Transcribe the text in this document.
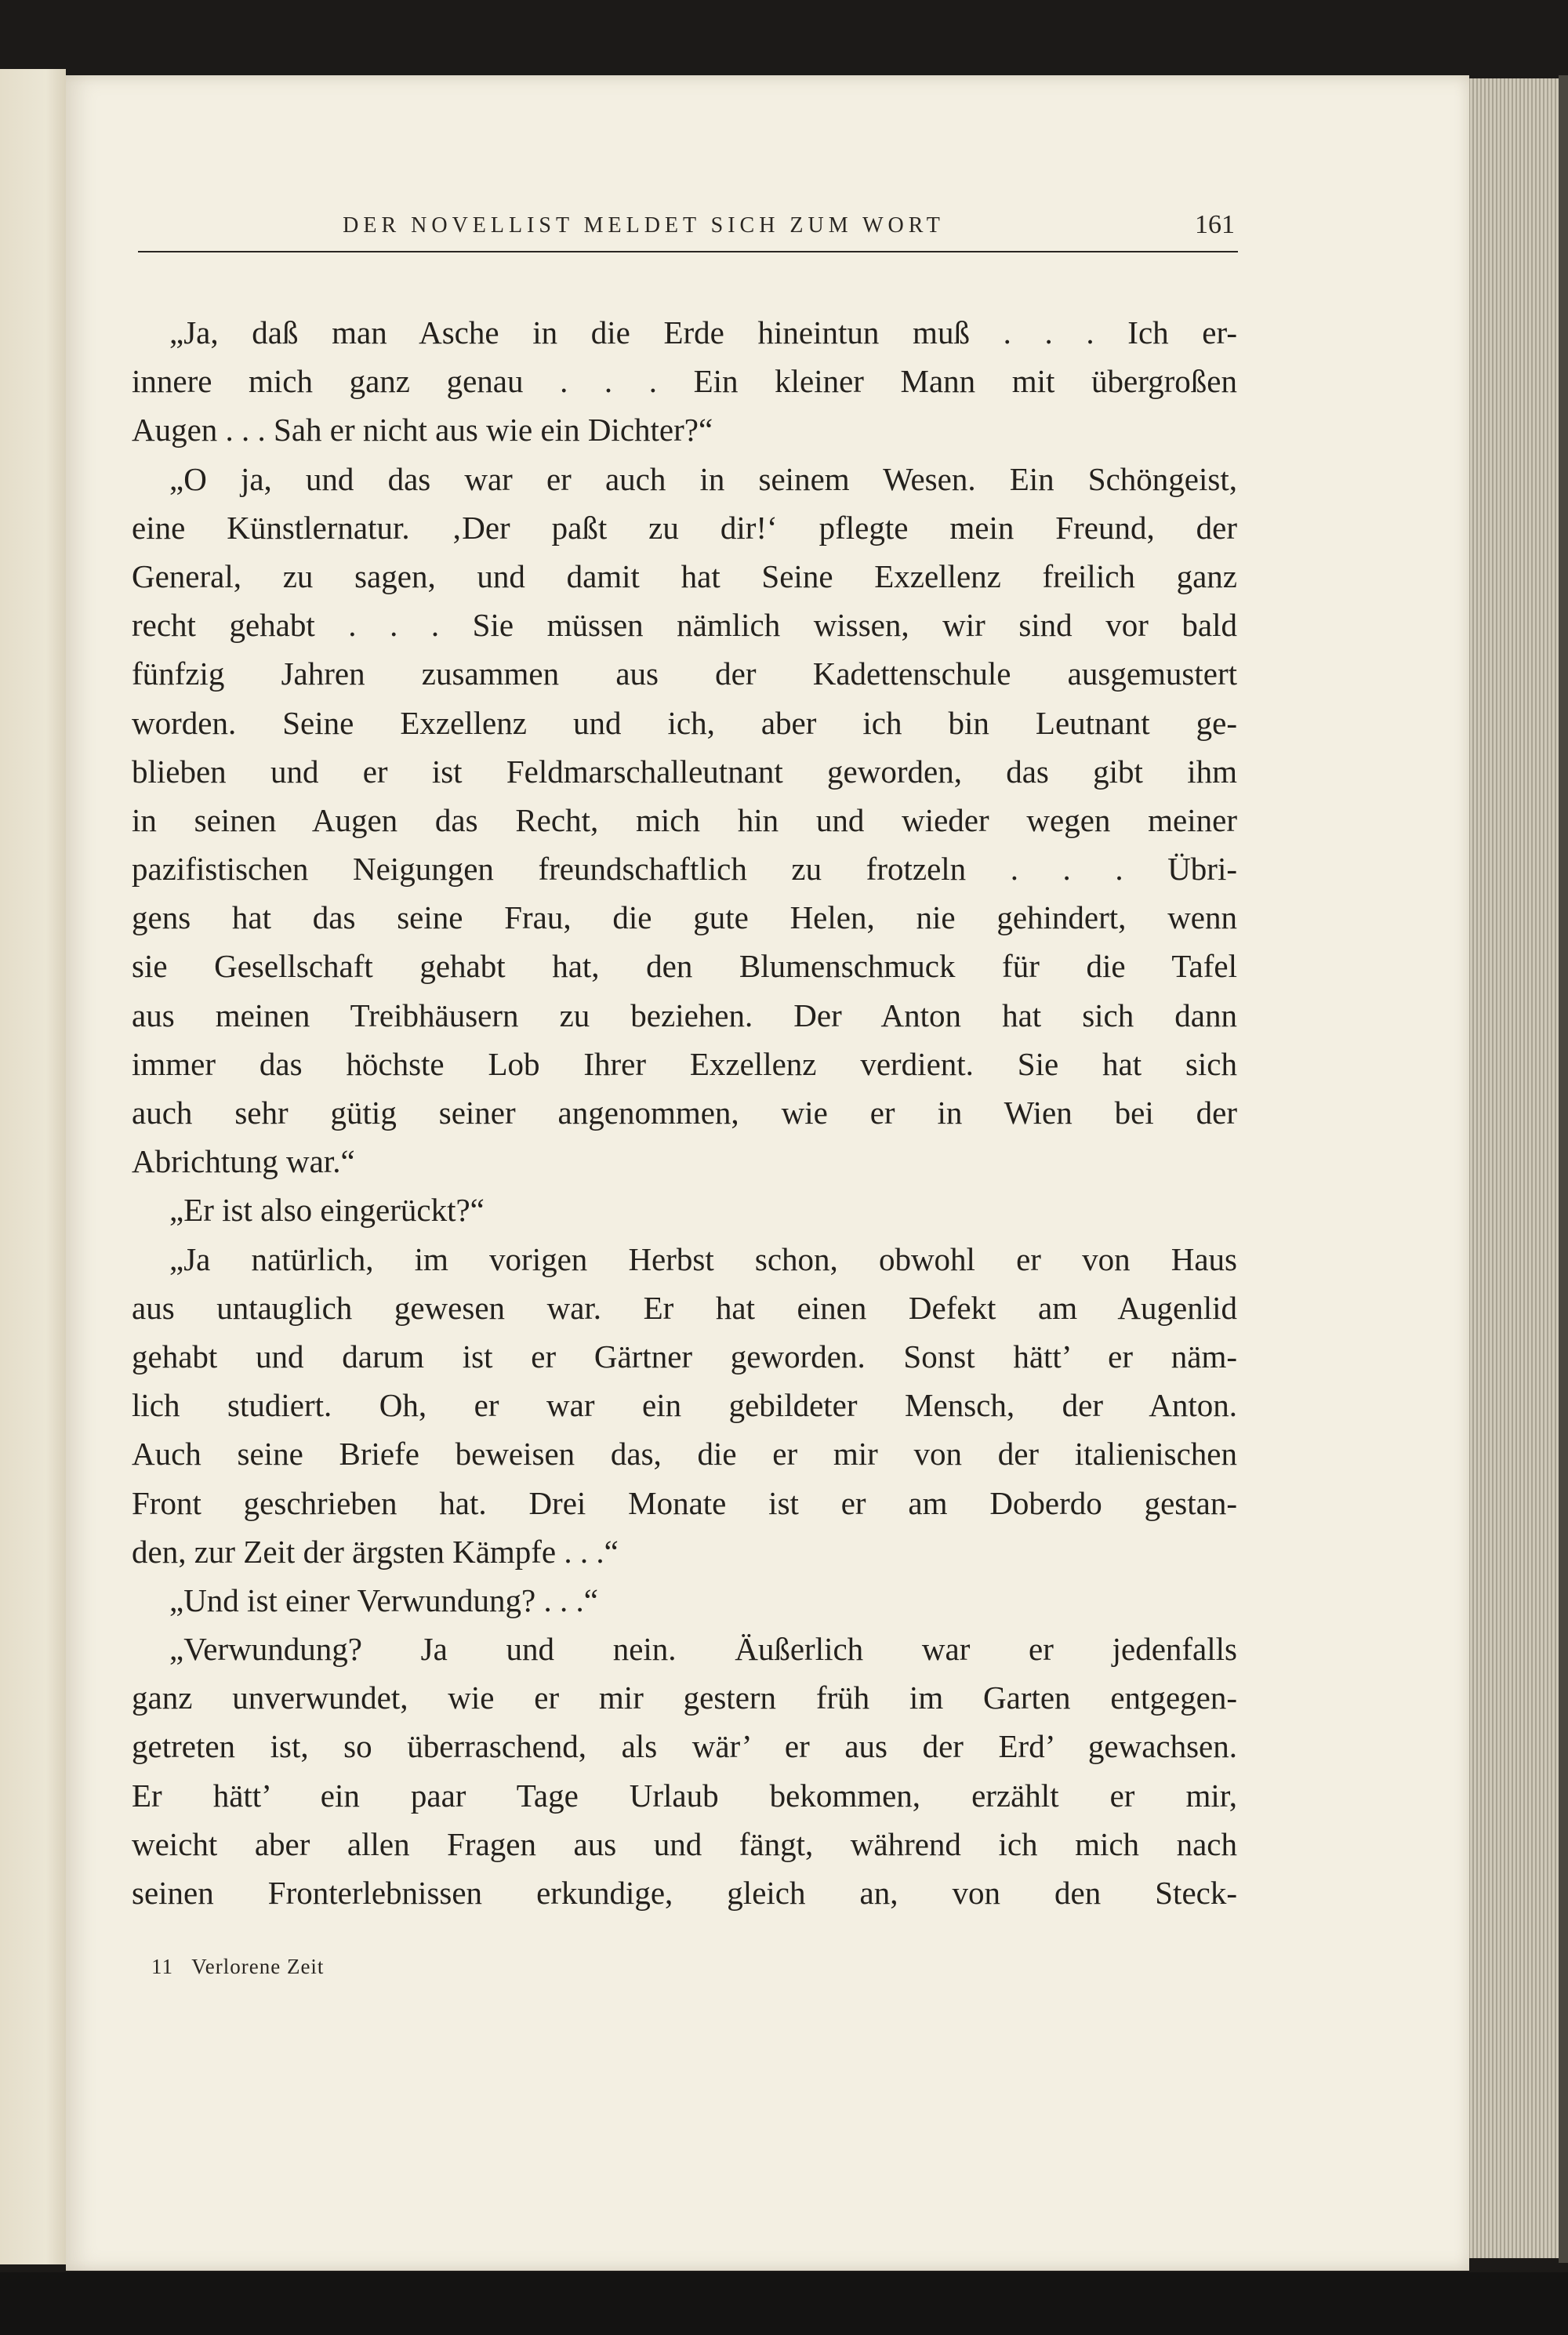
DER NOVELLIST MELDET SICH ZUM WORT	161
„Ja, daß man Asche in die Erde hineintun muß . . . Ich er-
innere mich ganz genau . . . Ein kleiner Mann mit übergroßen
Augen . . . Sah er nicht aus wie ein Dichter?“
„O ja, und das war er auch in seinem Wesen. Ein Schöngeist,
eine Künstlernatur. ‚Der paßt zu dir!‘ pflegte mein Freund, der
General, zu sagen, und damit hat Seine Exzellenz freilich ganz
recht gehabt . . . Sie müssen nämlich wissen, wir sind vor bald
fünfzig Jahren zusammen aus der Kadettenschule ausgemustert
worden. Seine Exzellenz und ich, aber ich bin Leutnant ge-
blieben und er ist Feldmarschalleutnant geworden, das gibt ihm
in seinen Augen das Recht, mich hin und wieder wegen meiner
pazifistischen Neigungen freundschaftlich zu frotzeln . . . Übri-
gens hat das seine Frau, die gute Helen, nie gehindert, wenn
sie Gesellschaft gehabt hat, den Blumenschmuck für die Tafel
aus meinen Treibhäusern zu beziehen. Der Anton hat sich dann
immer das höchste Lob Ihrer Exzellenz verdient. Sie hat sich
auch sehr gütig seiner angenommen, wie er in Wien bei der
Abrichtung war.“
„Er ist also eingerückt?“
„Ja natürlich, im vorigen Herbst schon, obwohl er von Haus
aus untauglich gewesen war. Er hat einen Defekt am Augenlid
gehabt und darum ist er Gärtner geworden. Sonst hätt’ er näm-
lich studiert. Oh, er war ein gebildeter Mensch, der Anton.
Auch seine Briefe beweisen das, die er mir von der italienischen
Front geschrieben hat. Drei Monate ist er am Doberdo gestan-
den, zur Zeit der ärgsten Kämpfe . . .“
„Und ist einer Verwundung? . . .“
„Verwundung? Ja und nein. Äußerlich war er jedenfalls
ganz unverwundet, wie er mir gestern früh im Garten entgegen-
getreten ist, so überraschend, als wär’ er aus der Erd’ gewachsen.
Er hätt’ ein paar Tage Urlaub bekommen, erzählt er mir,
weicht aber allen Fragen aus und fängt, während ich mich nach
seinen Fronterlebnissen erkundige, gleich an, von den Steck-
11 Verlorene Zeit
